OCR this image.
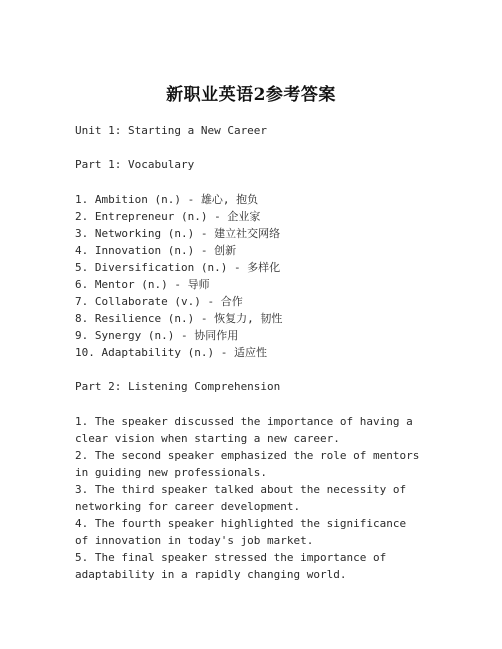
新职业英语2参考答案
Unit 1: Starting a New Career
Part 1: Vocabulary
1. Ambition (n.) - 雄心, 抱负
2. Entrepreneur (n.) - 企业家
3. Networking (n.) - 建立社交网络
4. Innovation (n.) - 创新
5. Diversification (n.) - 多样化
6. Mentor (n.) - 导师
7. Collaborate (v.) - 合作
8. Resilience (n.) - 恢复力, 韧性
9. Synergy (n.) - 协同作用
10. Adaptability (n.) - 适应性
Part 2: Listening Comprehension
1. The speaker discussed the importance of having a clear vision when starting a new career.
2. The second speaker emphasized the role of mentors in guiding new professionals.
3. The third speaker talked about the necessity of networking for career development.
4. The fourth speaker highlighted the significance of innovation in today's job market.
5. The final speaker stressed the importance of adaptability in a rapidly changing world.
